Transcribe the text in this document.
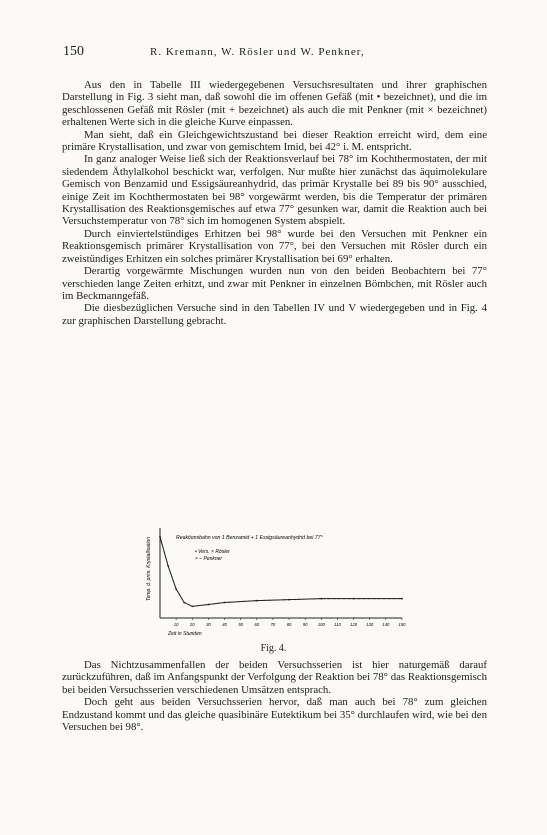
150	R. Kremann, W. Rösler und W. Penkner,

Aus den in Tabelle III wiedergegebenen Versuchsresultaten und ihrer graphischen Darstellung in Fig. 3 sieht man, daß sowohl die im offenen Gefäß (mit • bezeichnet), und die im geschlossenen Gefäß mit Rösler (mit + bezeichnet) als auch die mit Penkner (mit × bezeichnet) erhaltenen Werte sich in die gleiche Kurve einpassen.

Man sieht, daß ein Gleichgewichtszustand bei dieser Reaktion erreicht wird, dem eine primäre Krystallisation, und zwar von gemischtem Imid, bei 42° i. M. entspricht.

In ganz analoger Weise ließ sich der Reaktionsverlauf bei 78° im Kochthermostaten, der mit siedendem Äthylalkohol beschickt war, verfolgen. Nur mußte hier zunächst das äquimolekulare Gemisch von Benzamid und Essigsäureanhydrid, das primär Krystalle bei 89 bis 90° ausschied, einige Zeit im Kochthermostaten bei 98° vorgewärmt werden, bis die Temperatur der primären Krystallisation des Reaktionsgemisches auf etwa 77° gesunken war, damit die Reaktion auch bei Versuchstemperatur von 78° sich im homogenen System abspielt.

Durch einviertelstündiges Erhitzen bei 98° wurde bei den Versuchen mit Penkner ein Reaktionsgemisch primärer Krystallisation von 77°, bei den Versuchen mit Rösler durch ein zweistündiges Erhitzen ein solches primärer Krystallisation bei 69° erhalten.

Derartig vorgewärmte Mischungen wurden nun von den beiden Beobachtern bei 77° verschieden lange Zeiten erhitzt, und zwar mit Penkner in einzelnen Bömbchen, mit Rösler auch im Beckmanngefäß.

Die diesbezüglichen Versuche sind in den Tabellen IV und V wiedergegeben und in Fig. 4 zur graphischen Darstellung gebracht.

Reaktionsbahn von 1 Benzamid + 1 Essigsäureanhydrid bei 77°
• Vers. × Rösler
× – Penkner
Temp. d. prim. Krystallisation
Zeit in Stunden
10	20	30	40	50	60	70	80	90 100 110 120 130 140 150
Fig. 4.

Das Nichtzusammenfallen der beiden Versuchsserien ist hier naturgemäß darauf zurückzuführen, daß im Anfangspunkt der Verfolgung der Reaktion bei 78° das Reaktionsgemisch bei beiden Versuchsserien verschiedenen Umsätzen entsprach.

Doch geht aus beiden Versuchsserien hervor, daß man auch bei 78° zum gleichen Endzustand kommt und das gleiche quasibinäre Eutektikum bei 35° durchlaufen wird, wie bei den Versuchen bei 98°.
